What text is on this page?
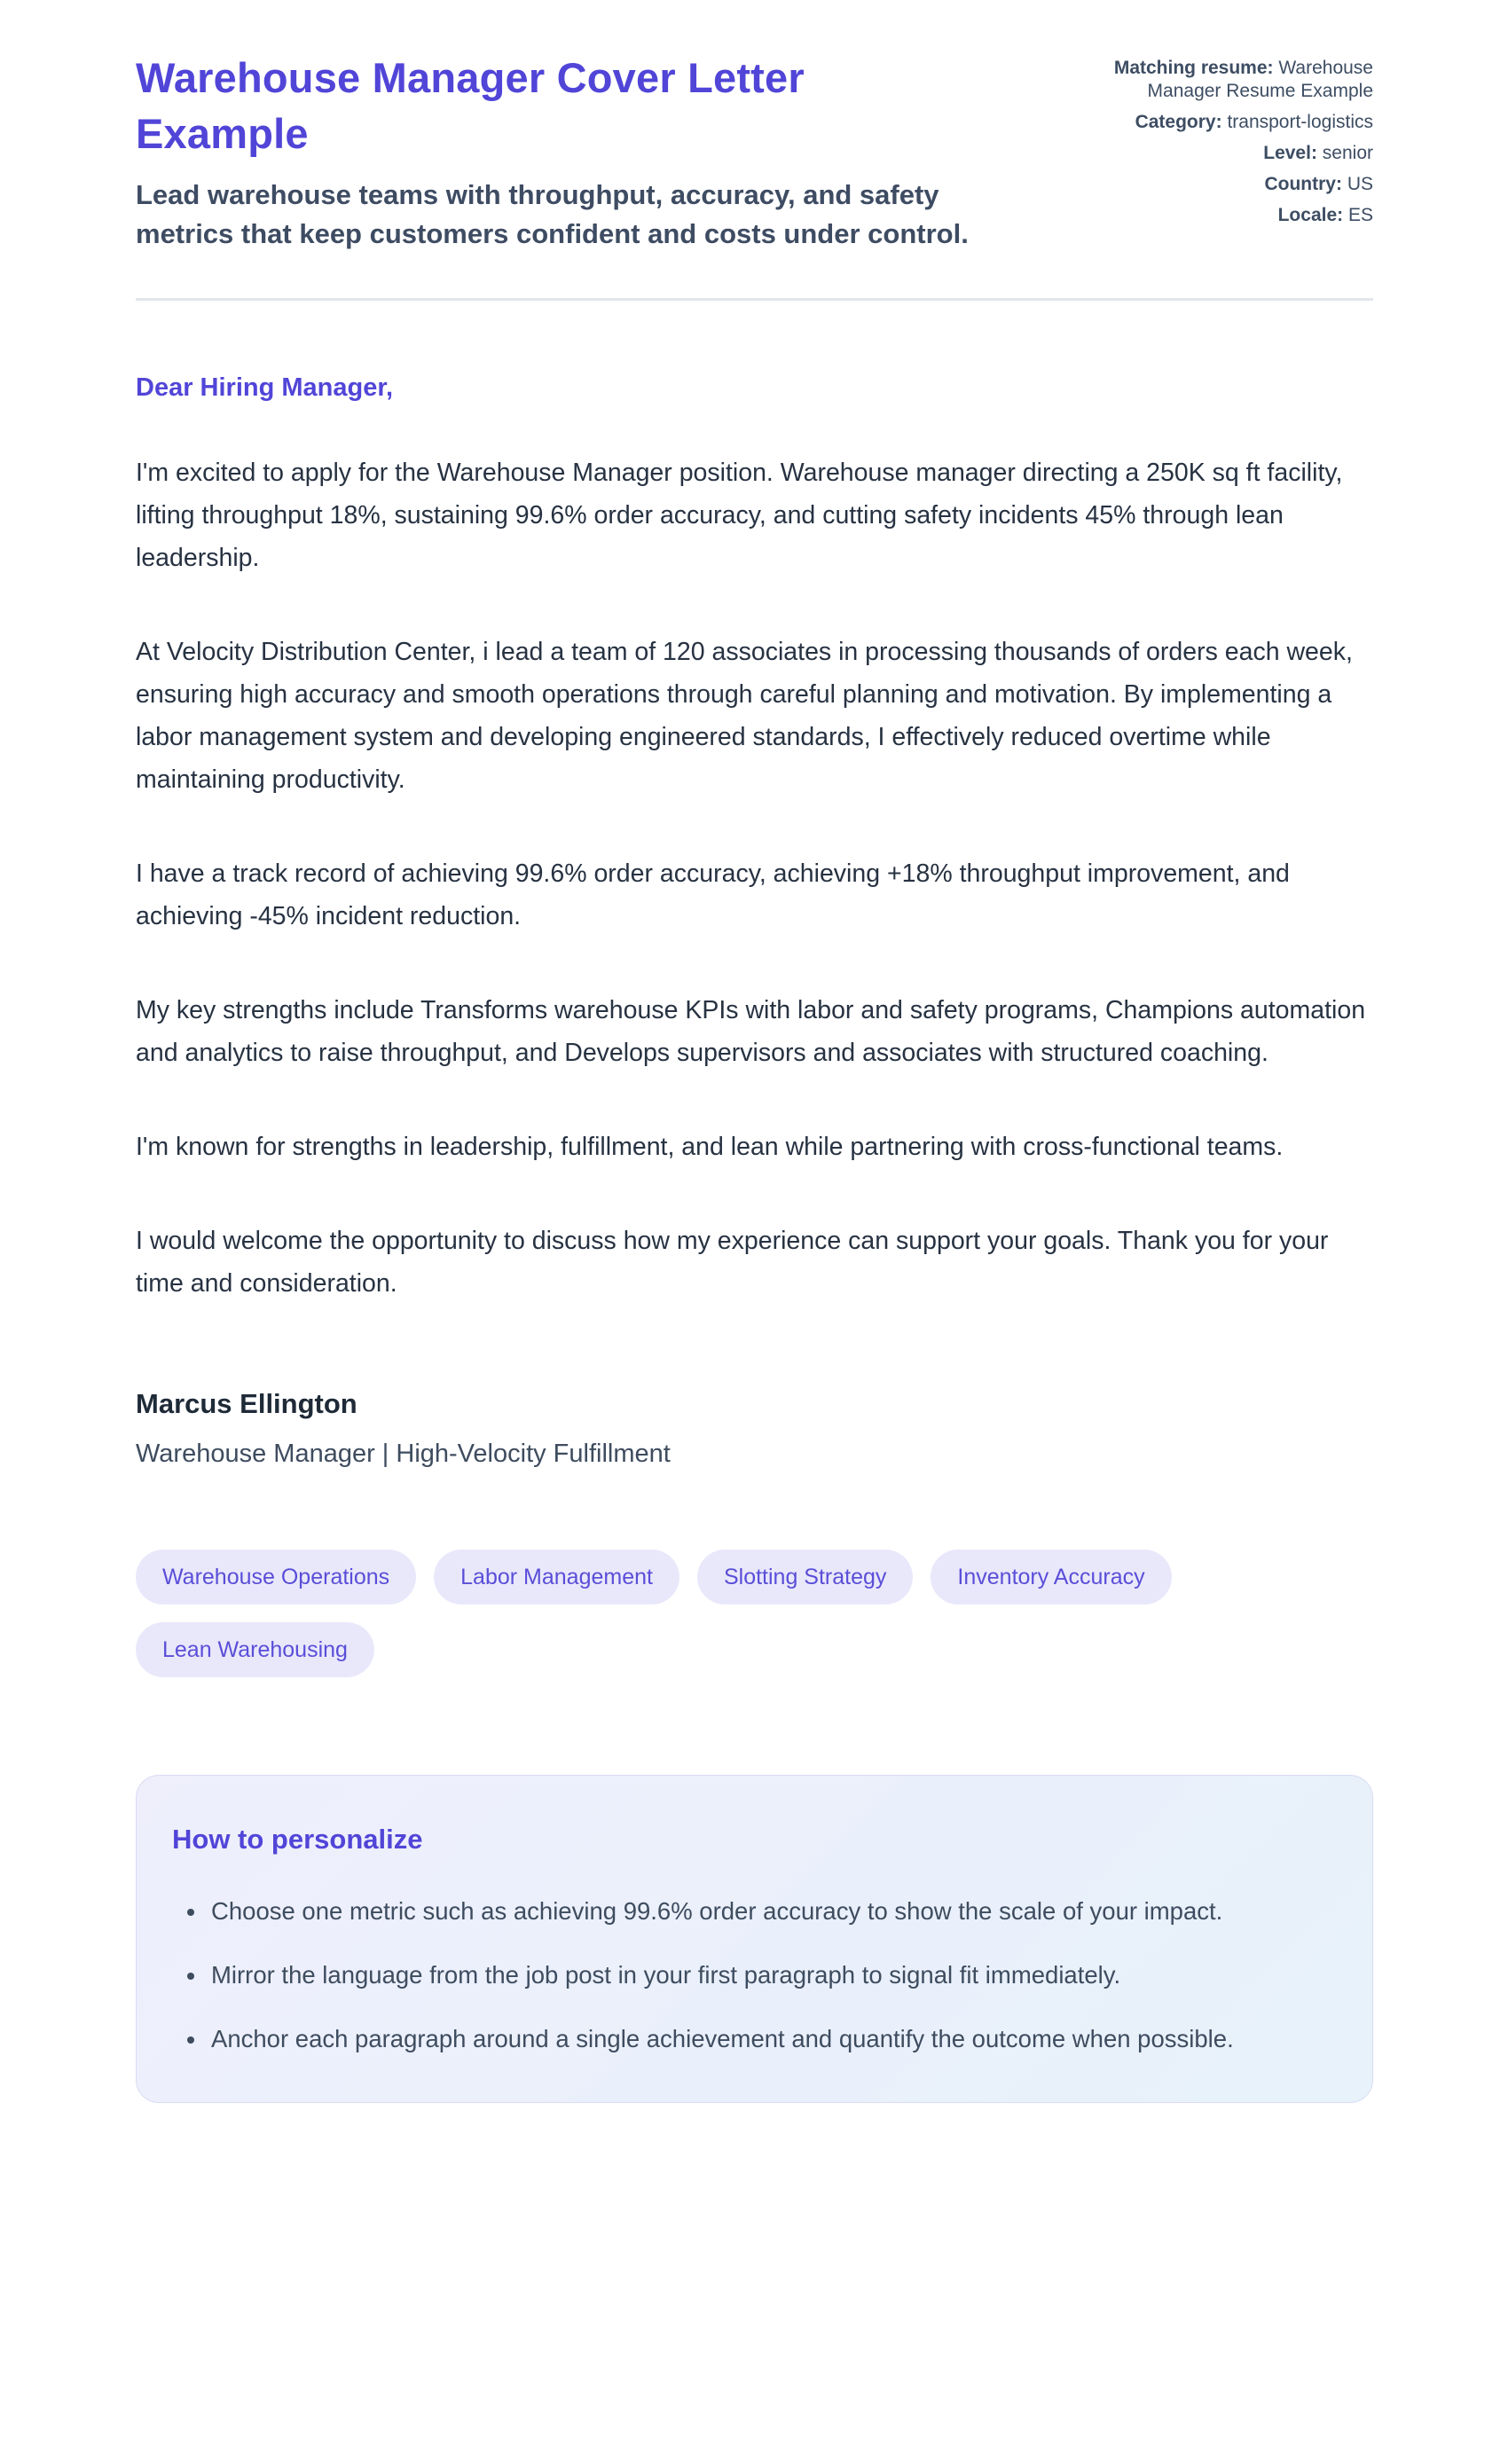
Warehouse Manager Cover Letter Example
Lead warehouse teams with throughput, accuracy, and safety metrics that keep customers confident and costs under control.
Matching resume: Warehouse Manager Resume Example
Category: transport-logistics
Level: senior
Country: US
Locale: ES

Dear Hiring Manager,

I'm excited to apply for the Warehouse Manager position. Warehouse manager directing a 250K sq ft facility, lifting throughput 18%, sustaining 99.6% order accuracy, and cutting safety incidents 45% through lean leadership.

At Velocity Distribution Center, i lead a team of 120 associates in processing thousands of orders each week, ensuring high accuracy and smooth operations through careful planning and motivation. By implementing a labor management system and developing engineered standards, I effectively reduced overtime while maintaining productivity.

I have a track record of achieving 99.6% order accuracy, achieving +18% throughput improvement, and achieving -45% incident reduction.

My key strengths include Transforms warehouse KPIs with labor and safety programs, Champions automation and analytics to raise throughput, and Develops supervisors and associates with structured coaching.

I'm known for strengths in leadership, fulfillment, and lean while partnering with cross-functional teams.

I would welcome the opportunity to discuss how my experience can support your goals. Thank you for your time and consideration.

Marcus Ellington
Warehouse Manager | High-Velocity Fulfillment
Warehouse Operations	Labor Management	Slotting Strategy	Inventory Accuracy
Lean Warehousing
How to personalize
• Choose one metric such as achieving 99.6% order accuracy to show the scale of your impact.
• Mirror the language from the job post in your first paragraph to signal fit immediately.
• Anchor each paragraph around a single achievement and quantify the outcome when possible.
